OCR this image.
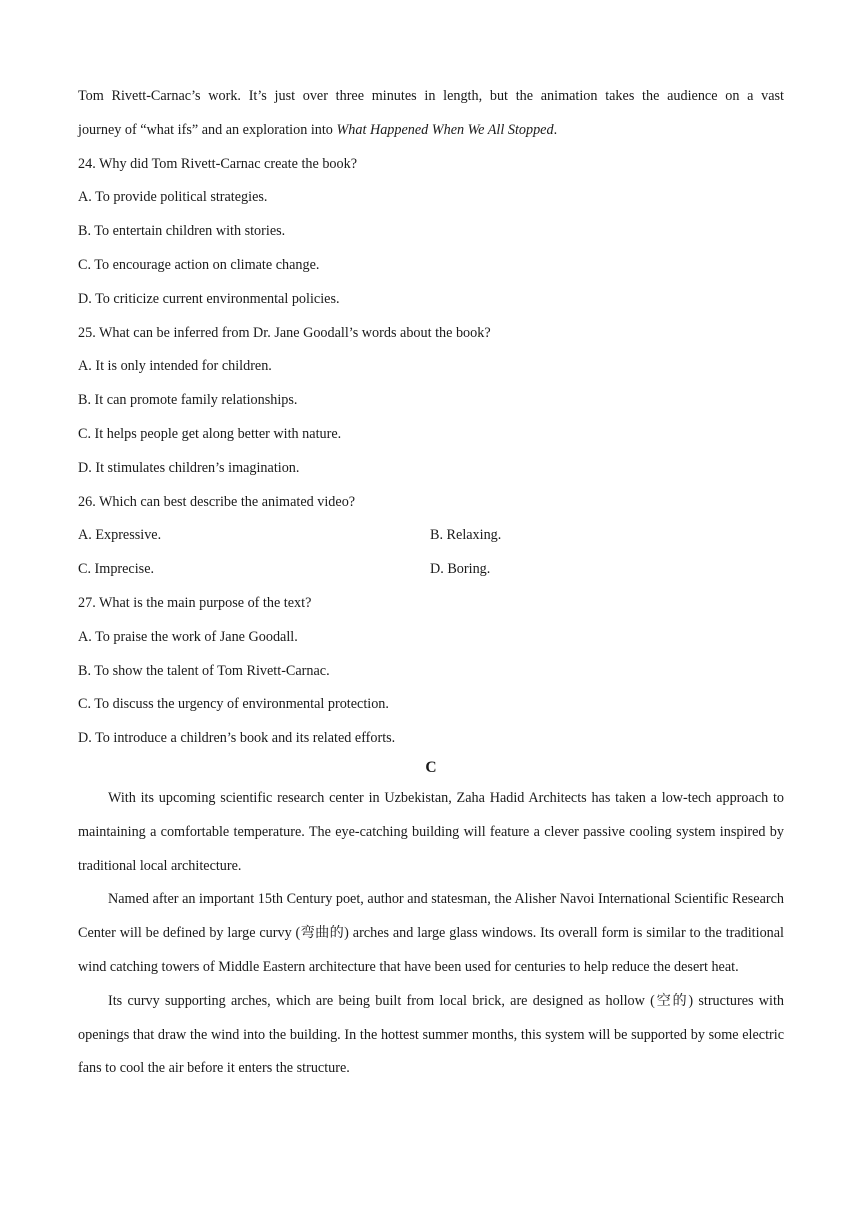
Tom Rivett-Carnac’s work. It’s just over three minutes in length, but the animation takes the audience on a vast
journey of “what ifs” and an exploration into What Happened When We All Stopped.
24. Why did Tom Rivett-Carnac create the book?
A. To provide political strategies.
B. To entertain children with stories.
C. To encourage action on climate change.
D. To criticize current environmental policies.
25. What can be inferred from Dr. Jane Goodall’s words about the book?
A. It is only intended for children.
B. It can promote family relationships.
C. It helps people get along better with nature.
D. It stimulates children’s imagination.
26. Which can best describe the animated video?
A. Expressive.	B. Relaxing.
C. Imprecise.	D. Boring.
27. What is the main purpose of the text?
A. To praise the work of Jane Goodall.
B. To show the talent of Tom Rivett-Carnac.
C. To discuss the urgency of environmental protection.
D. To introduce a children’s book and its related efforts.
C

With its upcoming scientific research center in Uzbekistan, Zaha Hadid Architects has taken a low-tech approach to maintaining a comfortable temperature. The eye-catching building will feature a clever passive cooling system inspired by traditional local architecture.

Named after an important 15th Century poet, author and statesman, the Alisher Navoi International Scientific Research Center will be defined by large curvy (弯曲的) arches and large glass windows. Its overall form is similar to the traditional wind catching towers of Middle Eastern architecture that have been used for centuries to help reduce the desert heat.

Its curvy supporting arches, which are being built from local brick, are designed as hollow (空的) structures with openings that draw the wind into the building. In the hottest summer months, this system will be supported by some electric fans to cool the air before it enters the structure.
